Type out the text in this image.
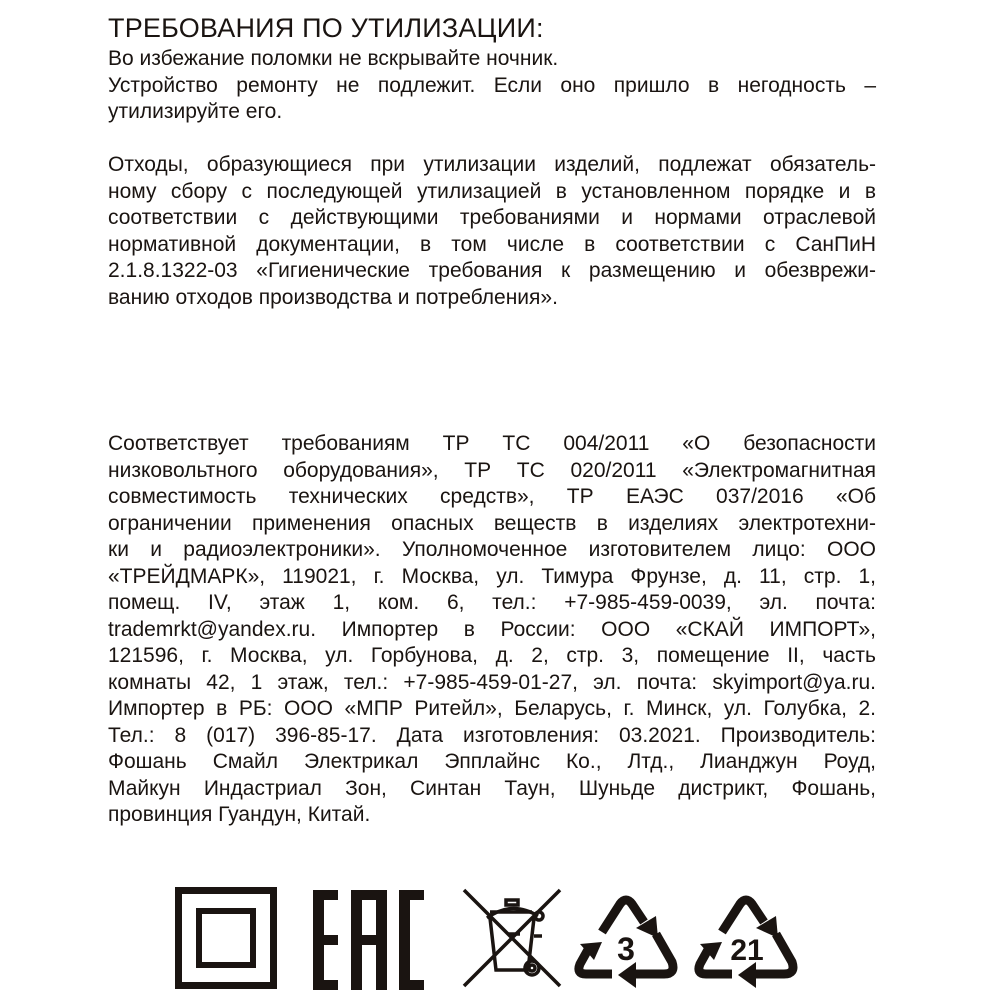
ТРЕБОВАНИЯ ПО УТИЛИЗАЦИИ:
Во избежание поломки не вскрывайте ночник.
Устройство ремонту не подлежит. Если оно пришло в негодность –
утилизируйте его.
Отходы, образующиеся при утилизации изделий, подлежат обязатель-
ному сбору с последующей утилизацией в установленном порядке и в
соответствии с действующими требованиями и нормами отраслевой
нормативной документации, в том числе в соответствии с СанПиН
2.1.8.1322-03 «Гигиенические требования к размещению и обезврежи-
ванию отходов производства и потребления».
Соответствует требованиям ТР ТС 004/2011 «О безопасности
низковольтного оборудования», ТР ТС 020/2011 «Электромагнитная
совместимость технических средств», ТР ЕАЭС 037/2016 «Об
ограничении применения опасных веществ в изделиях электротехни-
ки и радиоэлектроники». Уполномоченное изготовителем лицо: ООО
«ТРЕЙДМАРК», 119021, г. Москва, ул. Тимура Фрунзе, д. 11, стр. 1,
помещ. IV, этаж 1, ком. 6, тел.: +7-985-459-0039, эл. почта:
trademrkt@yandex.ru. Импортер в России: ООО «СКАЙ ИМПОРТ»,
121596, г. Москва, ул. Горбунова, д. 2, стр. 3, помещение II, часть
комнаты 42, 1 этаж, тел.: +7-985-459-01-27, эл. почта: skyimport@ya.ru.
Импортер в РБ: ООО «МПР Ритейл», Беларусь, г. Минск, ул. Голубка, 2.
Тел.: 8 (017) 396-85-17. Дата изготовления: 03.2021. Производитель:
Фошань Смайл Электрикал Эпплайнс Ко., Лтд., Лианджун Роуд,
Майкун Индастриал Зон, Синтан Таун, Шуньде дистрикт, Фошань,
провинция Гуандун, Китай.
3	21
